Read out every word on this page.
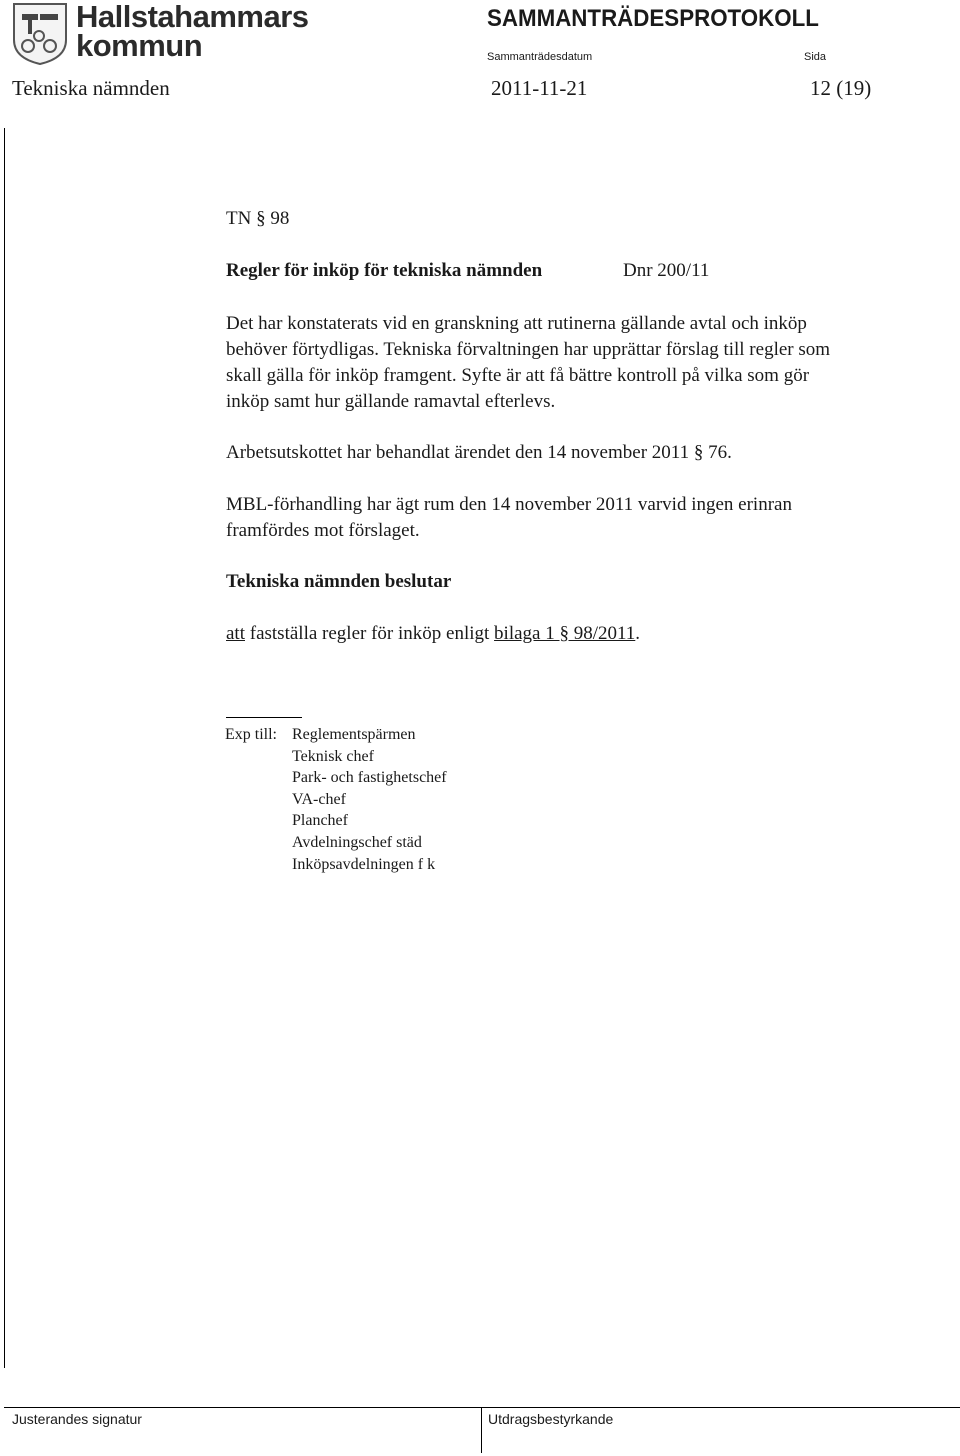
Hallstahammars
kommun
SAMMANTRÄDESPROTOKOLL
Sammanträdesdatum	Sida
Tekniska nämnden	2011-11-21	12 (19)
TN § 98
Regler för inköp för tekniska nämnden	Dnr 200/11
Det har konstaterats vid en granskning att rutinerna gällande avtal och inköp
behöver förtydligas. Tekniska förvaltningen har upprättar förslag till regler som
skall gälla för inköp framgent. Syfte är att få bättre kontroll på vilka som gör
inköp samt hur gällande ramavtal efterlevs.
Arbetsutskottet har behandlat ärendet den 14 november 2011 § 76.
MBL-förhandling har ägt rum den 14 november 2011 varvid ingen erinran
framfördes mot förslaget.
Tekniska nämnden beslutar
att fastställa regler för inköp enligt bilaga 1 § 98/2011.
Exp till: Reglementspärmen
Teknisk chef
Park- och fastighetschef
VA-chef
Planchef
Avdelningschef städ
Inköpsavdelningen f k
Justerandes signatur	Utdragsbestyrkande
